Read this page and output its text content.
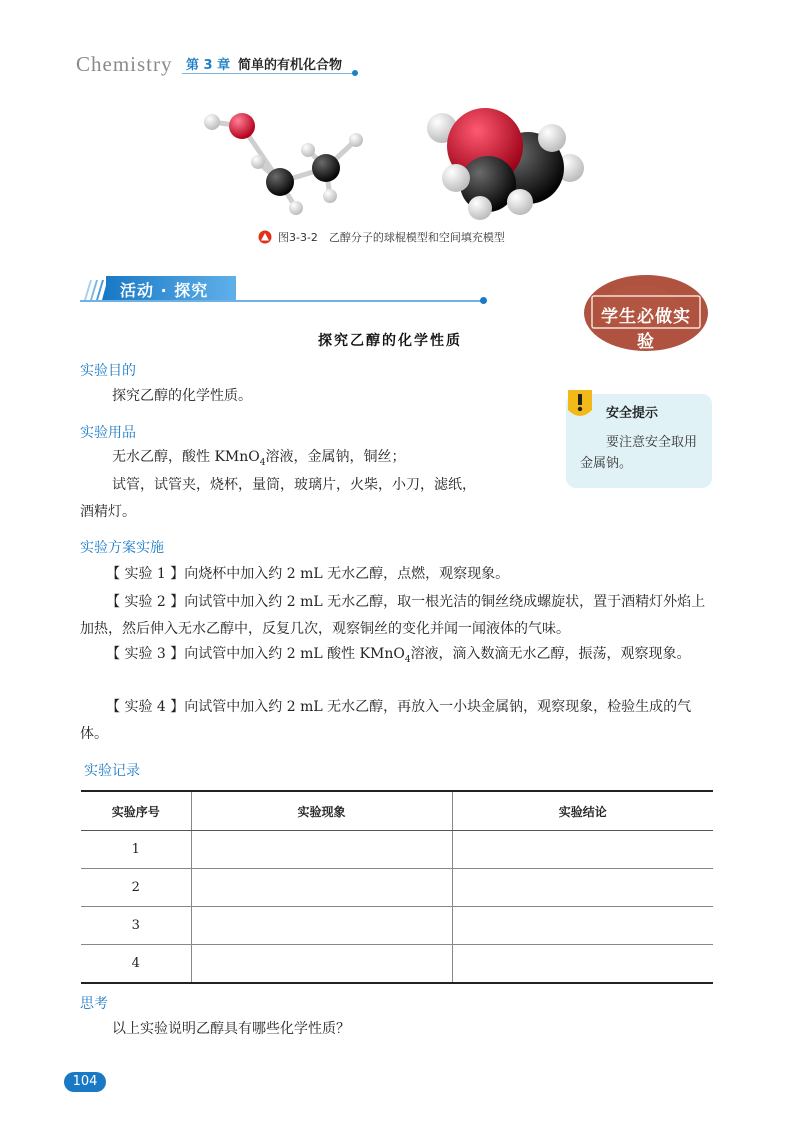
Chemistry 第 3 章 简单的有机化合物
图3-3-2　乙醇分子的球棍模型和空间填充模型
活动 · 探究
学生必做实验
探究乙醇的化学性质
实验目的
探究乙醇的化学性质。
实验用品
无水乙醇，酸性 KMnO$_4$溶液，金属钠，铜丝；
试管，试管夹，烧杯，量筒，玻璃片，火柴，小刀，滤纸，
酒精灯。
安全提示
要注意安全取用金属钠。
实验方案实施
【 实验 1 】向烧杯中加入约 2 mL 无水乙醇，点燃，观察现象。
【 实验 2 】向试管中加入约 2 mL 无水乙醇，取一根光洁的铜丝绕成螺旋状，置于酒精灯外焰上加热，然后伸入无水乙醇中，反复几次，观察铜丝的变化并闻一闻液体的气味。
【 实验 3 】向试管中加入约 2 mL 酸性 KMnO$_4$溶液，滴入数滴无水乙醇，振荡，观察现象。
【 实验 4 】向试管中加入约 2 mL 无水乙醇，再放入一小块金属钠，观察现象，检验生成的气体。
实验记录
实验序号	实验现象	实验结论
1		
2		
3		
4		
思考
以上实验说明乙醇具有哪些化学性质？
104
